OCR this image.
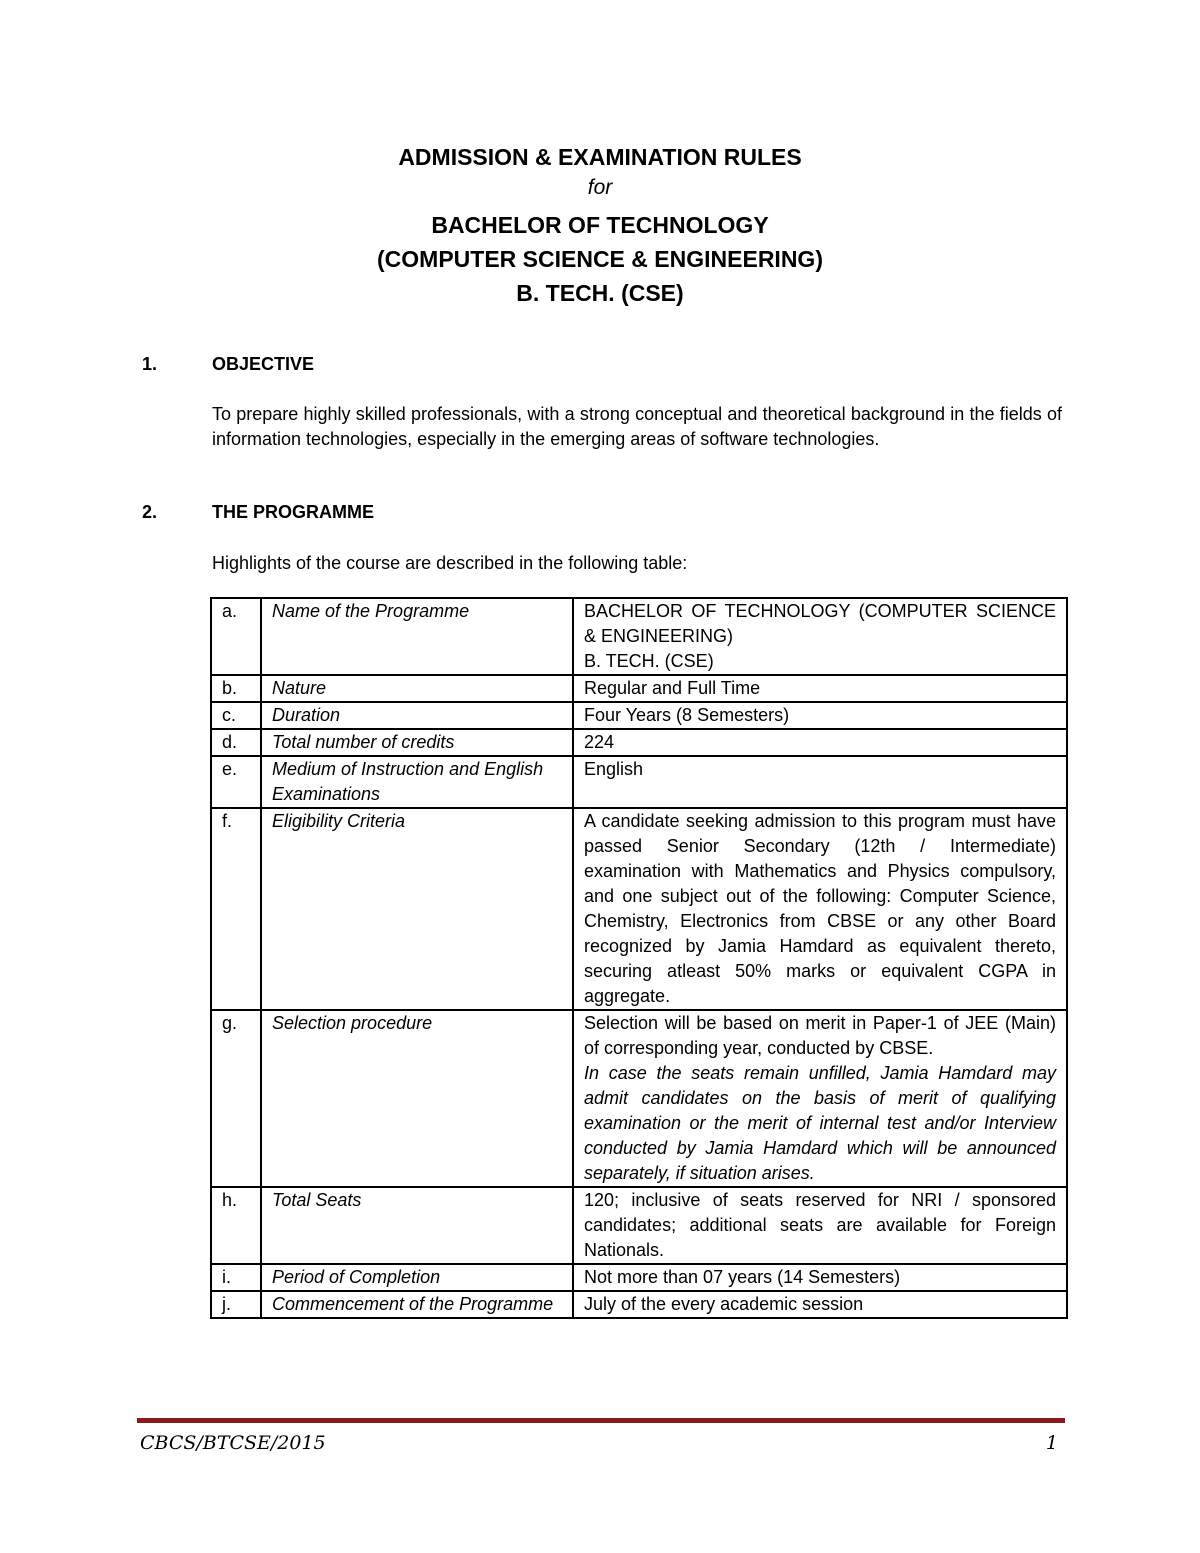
ADMISSION & EXAMINATION RULES
for
BACHELOR OF TECHNOLOGY
(COMPUTER SCIENCE & ENGINEERING)
B. TECH. (CSE)
1.	OBJECTIVE
To prepare highly skilled professionals, with a strong conceptual and theoretical background in the fields of information technologies, especially in the emerging areas of software technologies.
2.	THE PROGRAMME
Highlights of the course are described in the following table:
a.	Name of the Programme	BACHELOR OF TECHNOLOGY (COMPUTER SCIENCE & ENGINEERING)
B. TECH. (CSE)

b.	Nature	Regular and Full Time
c.	Duration	Four Years (8 Semesters)
d.	Total number of credits	224
e.	Medium of Instruction and English Examinations	English
f.	Eligibility Criteria	A candidate seeking admission to this program must have passed Senior Secondary (12th / Intermediate) examination with Mathematics and Physics compulsory, and one subject out of the following: Computer Science, Chemistry, Electronics from CBSE or any other Board recognized by Jamia Hamdard as equivalent thereto, securing atleast 50% marks or equivalent CGPA in aggregate.
g.	Selection procedure	Selection will be based on merit in Paper-1 of JEE (Main) of corresponding year, conducted by CBSE.
In case the seats remain unfilled, Jamia Hamdard may admit candidates on the basis of merit of qualifying examination or the merit of internal test and/or Interview conducted by Jamia Hamdard which will be announced separately, if situation arises.

h.	Total Seats	120; inclusive of seats reserved for NRI / sponsored candidates; additional seats are available for Foreign Nationals.
i.	Period of Completion	Not more than 07 years (14 Semesters)
j.	Commencement of the Programme	July of the every academic session
CBCS/BTCSE/2015	1
